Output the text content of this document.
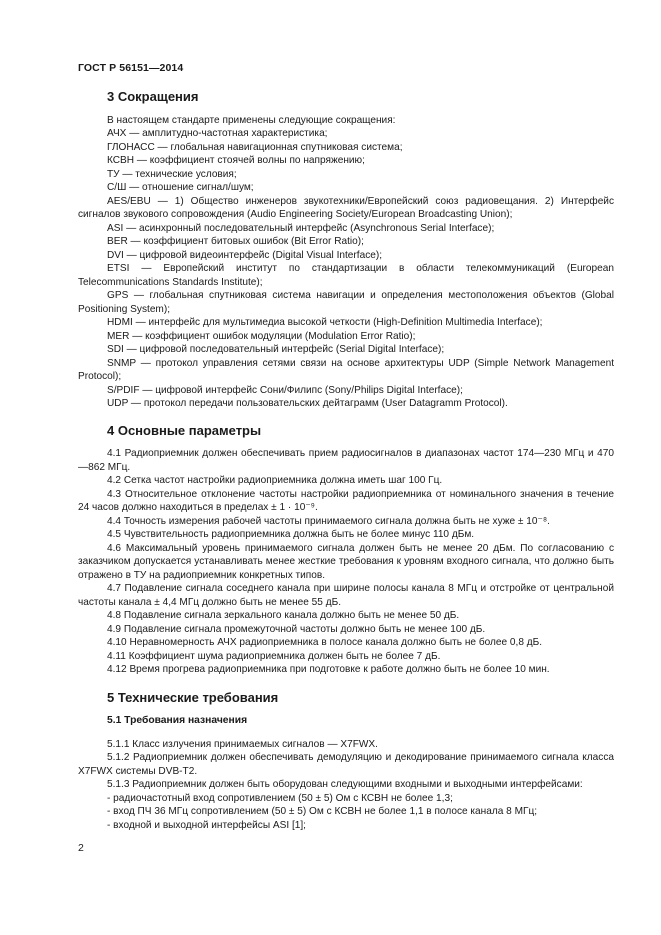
ГОСТ Р 56151—2014
3 Сокращения

В настоящем стандарте применены следующие сокращения:

АЧХ — амплитудно-частотная характеристика;

ГЛОНАСС — глобальная навигационная спутниковая система;

КСВН — коэффициент стоячей волны по напряжению;

ТУ — технические условия;

С/Ш — отношение сигнал/шум;

AES/EBU — 1) Общество инженеров звукотехники/Европейский союз радиовещания. 2) Интерфейс сигналов звукового сопровождения (Audio Engineering Society/European Broadcasting Union);

ASI — асинхронный последовательный интерфейс (Asynchronous Serial Interface);

BER — коэффициент битовых ошибок (Bit Error Ratio);

DVI — цифровой видеоинтерфейс (Digital Visual Interface);

ETSI — Европейский институт по стандартизации в области телекоммуникаций (European Telecommunications Standards Institute);

GPS — глобальная спутниковая система навигации и определения местоположения объектов (Global Positioning System);

HDMI — интерфейс для мультимедиа высокой четкости (High-Definition Multimedia Interface);

MER — коэффициент ошибок модуляции (Modulation Error Ratio);

SDI — цифровой последовательный интерфейс (Serial Digital Interface);

SNMP — протокол управления сетями связи на основе архитектуры UDP (Simple Network Management Protocol);

S/PDIF — цифровой интерфейс Сони/Филипс (Sony/Philips Digital Interface);

UDP — протокол передачи пользовательских дейтаграмм (User Datagramm Protocol).

4 Основные параметры

4.1 Радиоприемник должен обеспечивать прием радиосигналов в диапазонах частот 174—230 МГц и 470—862 МГц.

4.2 Сетка частот настройки радиоприемника должна иметь шаг 100 Гц.

4.3 Относительное отклонение частоты настройки радиоприемника от номинального значения в течение 24 часов должно находиться в пределах ± 1 · 10⁻⁹.

4.4 Точность измерения рабочей частоты принимаемого сигнала должна быть не хуже ± 10⁻⁸.

4.5 Чувствительность радиоприемника должна быть не более минус 110 дБм.

4.6 Максимальный уровень принимаемого сигнала должен быть не менее 20 дБм. По согласованию с заказчиком допускается устанавливать менее жесткие требования к уровням входного сигнала, что должно быть отражено в ТУ на радиоприемник конкретных типов.

4.7 Подавление сигнала соседнего канала при ширине полосы канала 8 МГц и отстройке от центральной частоты канала ± 4,4 МГц должно быть не менее 55 дБ.

4.8 Подавление сигнала зеркального канала должно быть не менее 50 дБ.

4.9 Подавление сигнала промежуточной частоты должно быть не менее 100 дБ.

4.10 Неравномерность АЧХ радиоприемника в полосе канала должно быть не более 0,8 дБ.

4.11 Коэффициент шума радиоприемника должен быть не более 7 дБ.

4.12 Время прогрева радиоприемника при подготовке к работе должно быть не более 10 мин.

5 Технические требования
5.1 Требования назначения

5.1.1 Класс излучения принимаемых сигналов — X7FWX.

5.1.2 Радиоприемник должен обеспечивать демодуляцию и декодирование принимаемого сигнала класса X7FWX системы DVB-T2.

5.1.3 Радиоприемник должен быть оборудован следующими входными и выходными интерфейсами:

- радиочастотный вход сопротивлением (50 ± 5) Ом с КСВН не более 1,3;

- вход ПЧ 36 МГц сопротивлением (50 ± 5) Ом с КСВН не более 1,1 в полосе канала 8 МГц;

- входной и выходной интерфейсы ASI [1];

2
